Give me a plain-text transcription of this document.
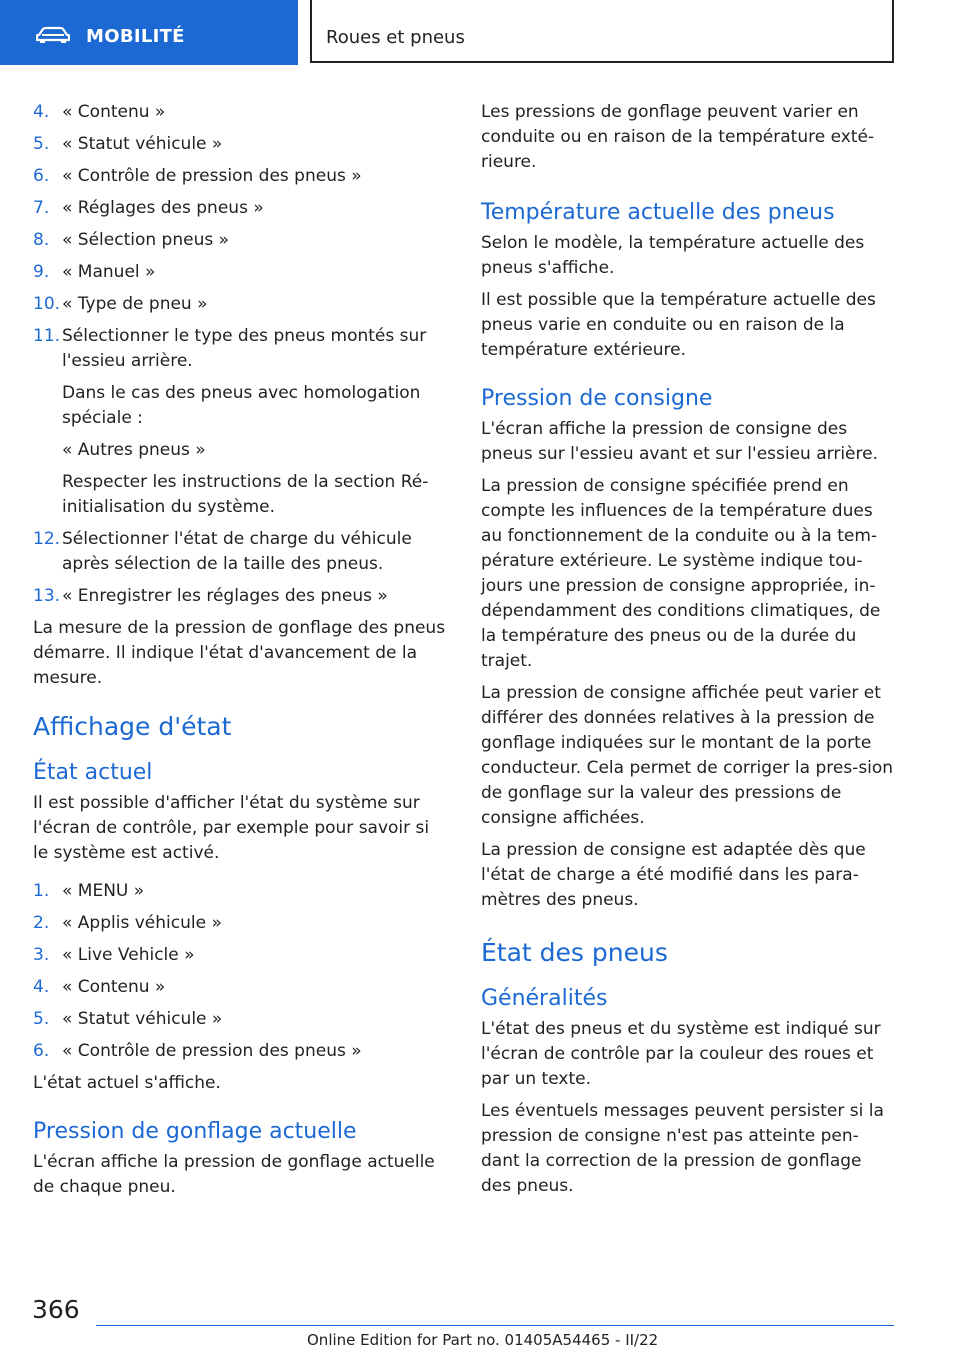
MOBILITÉ	Roues et pneus
4. « Contenu »
5. « Statut véhicule »
6. « Contrôle de pression des pneus »
7. « Réglages des pneus »
8. « Sélection pneus »
9. « Manuel »
10. « Type de pneu »
11. Sélectionner le type des pneus montés sur l'essieu arrière.

Dans le cas des pneus avec homologation spéciale :

« Autres pneus »

Respecter les instructions de la section Ré‐initialisation du système.

12. Sélectionner l'état de charge du véhicule après sélection de la taille des pneus.
13. « Enregistrer les réglages des pneus »

La mesure de la pression de gonflage des pneus démarre. Il indique l'état d'avancement de la mesure.

Affichage d'état
État actuel

Il est possible d'afficher l'état du système sur l'écran de contrôle, par exemple pour savoir si le système est activé.

1. « MENU »
2. « Applis véhicule »
3. « Live Vehicle »
4. « Contenu »
5. « Statut véhicule »
6. « Contrôle de pression des pneus »

L'état actuel s'affiche.

Pression de gonflage actuelle

L'écran affiche la pression de gonflage actuelle de chaque pneu.

Les pressions de gonflage peuvent varier en conduite ou en raison de la température exté‐rieure.

Température actuelle des pneus

Selon le modèle, la température actuelle des pneus s'affiche.

Il est possible que la température actuelle des pneus varie en conduite ou en raison de la température extérieure.

Pression de consigne

L'écran affiche la pression de consigne des pneus sur l'essieu avant et sur l'essieu arrière.

La pression de consigne spécifiée prend en compte les influences de la température dues au fonctionnement de la conduite ou à la tem‐pérature extérieure. Le système indique tou‐jours une pression de consigne appropriée, in‐dépendamment des conditions climatiques, de la température des pneus ou de la durée du trajet.

La pression de consigne affichée peut varier et différer des données relatives à la pression de gonflage indiquées sur le montant de la porte conducteur. Cela permet de corriger la pres‐sion de gonflage sur la valeur des pressions de consigne affichées.

La pression de consigne est adaptée dès que l'état de charge a été modifié dans les para‐mètres des pneus.

État des pneus
Généralités

L'état des pneus et du système est indiqué sur l'écran de contrôle par la couleur des roues et par un texte.

Les éventuels messages peuvent persister si la pression de consigne n'est pas atteinte pen‐dant la correction de la pression de gonflage des pneus.

366
Online Edition for Part no. 01405A54465 - II/22
